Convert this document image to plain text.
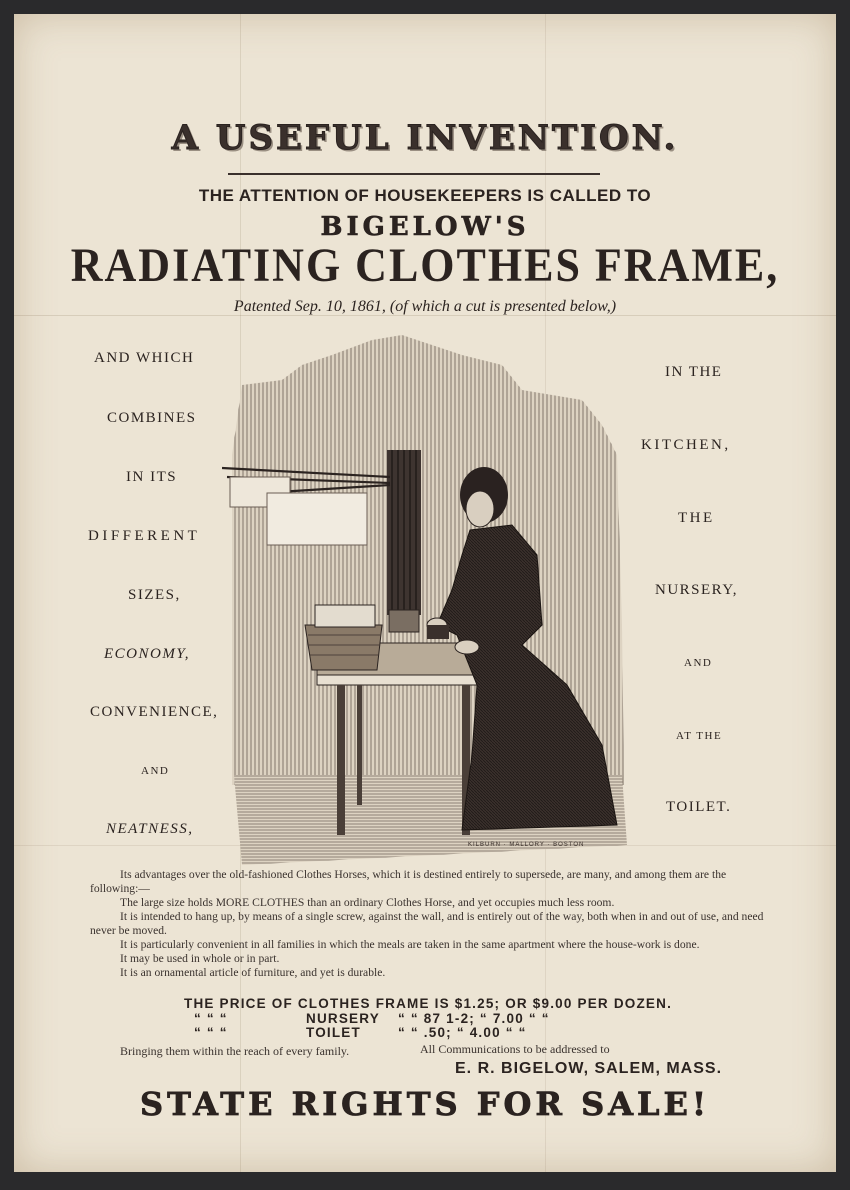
A USEFUL INVENTION.
THE ATTENTION OF HOUSEKEEPERS IS CALLED TO
BIGELOW'S
RADIATING CLOTHES FRAME,
Patented Sep. 10, 1861, (of which a cut is presented below,)
AND WHICH
COMBINES
IN ITS
DIFFERENT
SIZES,
ECONOMY,
CONVENIENCE,
AND
NEATNESS,
IN THE
KITCHEN,
THE
NURSERY,
AND
AT THE
TOILET.
KILBURN · MALLORY · BOSTON

Its advantages over the old-fashioned Clothes Horses, which it is destined entirely to supersede, are many, and among them are the following:—

The large size holds MORE CLOTHES than an ordinary Clothes Horse, and yet occupies much less room.

It is intended to hang up, by means of a single screw, against the wall, and is entirely out of the way, both when in and out of use, and need never be moved.

It is particularly convenient in all families in which the meals are taken in the same apartment where the house-work is done.

It may be used in whole or in part.

It is an ornamental article of furniture, and yet is durable.

THE PRICE OF CLOTHES FRAME IS $1.25; OR $9.00 PER DOZEN.
“ “ “	NURSERY “ “ 87 1-2; “ 7.00 “ “
“ “ “	TOILET	“ “ .50; “ 4.00 “ “
Bringing them within the reach of every family.	All Communications to be addressed to
E. R. BIGELOW, SALEM, MASS.
STATE RIGHTS FOR SALE!
